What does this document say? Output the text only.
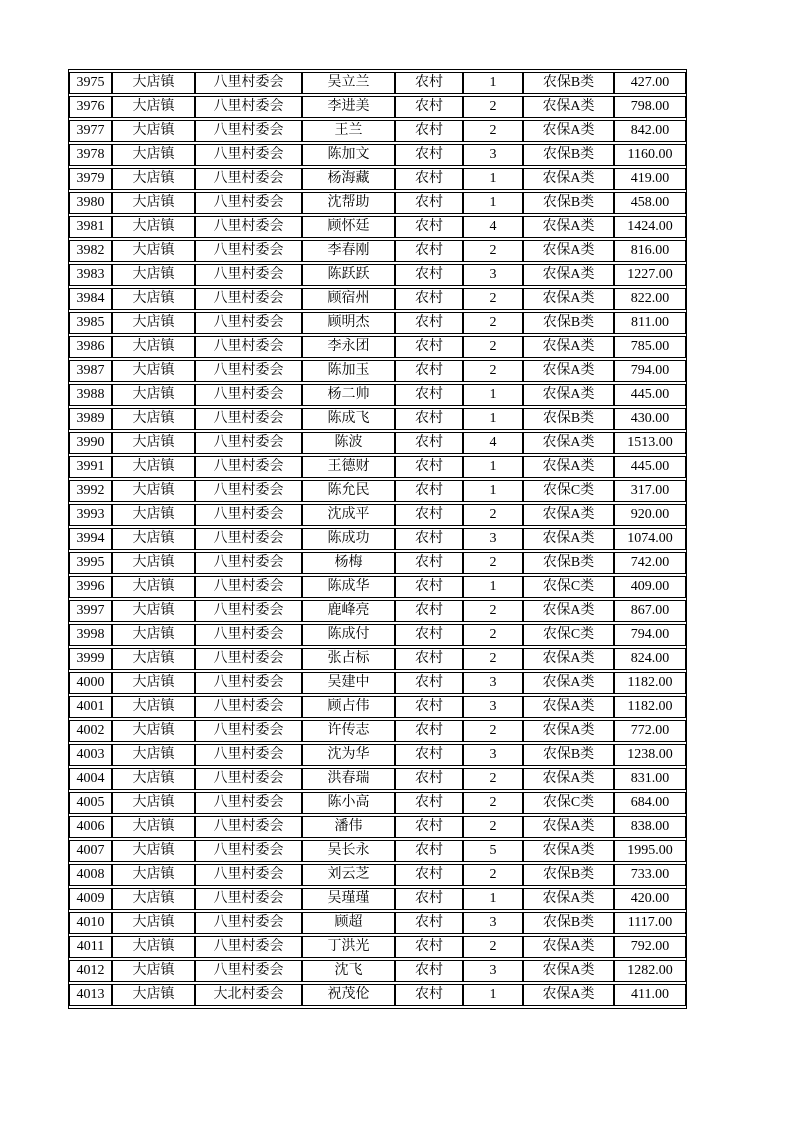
3975	大店镇	八里村委会	吴立兰	农村	1	农保B类	427.00
3976	大店镇	八里村委会	李进美	农村	2	农保A类	798.00
3977	大店镇	八里村委会	王兰	农村	2	农保A类	842.00
3978	大店镇	八里村委会	陈加文	农村	3	农保B类	1160.00
3979	大店镇	八里村委会	杨海藏	农村	1	农保A类	419.00
3980	大店镇	八里村委会	沈帮助	农村	1	农保B类	458.00
3981	大店镇	八里村委会	顾怀廷	农村	4	农保A类	1424.00
3982	大店镇	八里村委会	李春刚	农村	2	农保A类	816.00
3983	大店镇	八里村委会	陈跃跃	农村	3	农保A类	1227.00
3984	大店镇	八里村委会	顾宿州	农村	2	农保A类	822.00
3985	大店镇	八里村委会	顾明杰	农村	2	农保B类	811.00
3986	大店镇	八里村委会	李永团	农村	2	农保A类	785.00
3987	大店镇	八里村委会	陈加玉	农村	2	农保A类	794.00
3988	大店镇	八里村委会	杨二帅	农村	1	农保A类	445.00
3989	大店镇	八里村委会	陈成飞	农村	1	农保B类	430.00
3990	大店镇	八里村委会	陈波	农村	4	农保A类	1513.00
3991	大店镇	八里村委会	王德财	农村	1	农保A类	445.00
3992	大店镇	八里村委会	陈允民	农村	1	农保C类	317.00
3993	大店镇	八里村委会	沈成平	农村	2	农保A类	920.00
3994	大店镇	八里村委会	陈成功	农村	3	农保A类	1074.00
3995	大店镇	八里村委会	杨梅	农村	2	农保B类	742.00
3996	大店镇	八里村委会	陈成华	农村	1	农保C类	409.00
3997	大店镇	八里村委会	鹿峰亮	农村	2	农保A类	867.00
3998	大店镇	八里村委会	陈成付	农村	2	农保C类	794.00
3999	大店镇	八里村委会	张占标	农村	2	农保A类	824.00
4000	大店镇	八里村委会	吴建中	农村	3	农保A类	1182.00
4001	大店镇	八里村委会	顾占伟	农村	3	农保A类	1182.00
4002	大店镇	八里村委会	许传志	农村	2	农保A类	772.00
4003	大店镇	八里村委会	沈为华	农村	3	农保B类	1238.00
4004	大店镇	八里村委会	洪春瑞	农村	2	农保A类	831.00
4005	大店镇	八里村委会	陈小高	农村	2	农保C类	684.00
4006	大店镇	八里村委会	潘伟	农村	2	农保A类	838.00
4007	大店镇	八里村委会	吴长永	农村	5	农保A类	1995.00
4008	大店镇	八里村委会	刘云芝	农村	2	农保B类	733.00
4009	大店镇	八里村委会	吴瑾瑾	农村	1	农保A类	420.00
4010	大店镇	八里村委会	顾超	农村	3	农保B类	1117.00
4011	大店镇	八里村委会	丁洪光	农村	2	农保A类	792.00
4012	大店镇	八里村委会	沈飞	农村	3	农保A类	1282.00
4013	大店镇	大北村委会	祝茂伦	农村	1	农保A类	411.00
